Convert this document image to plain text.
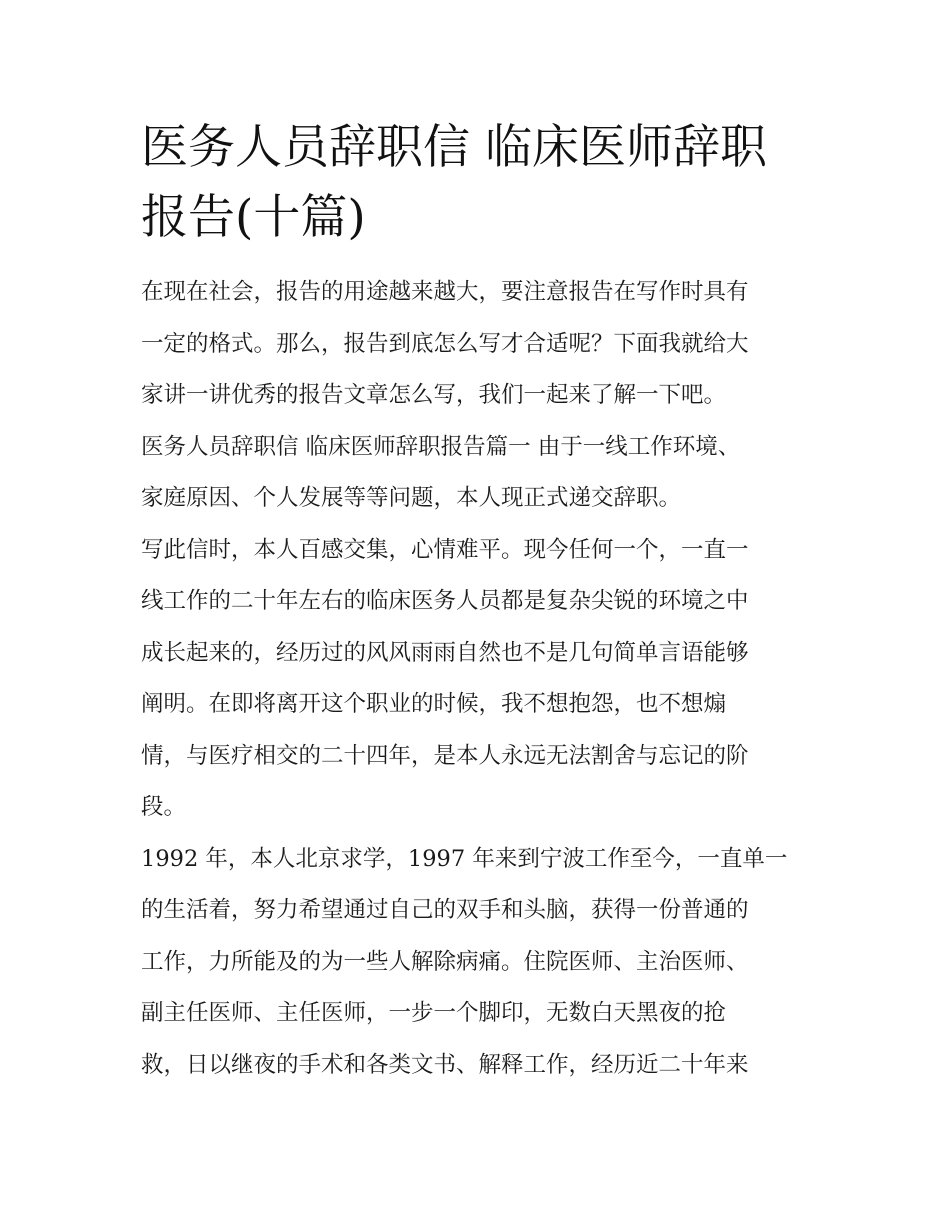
医务人员辞职信 临床医师辞职
报告(十篇)
在现在社会，报告的用途越来越大，要注意报告在写作时具有
一定的格式。那么，报告到底怎么写才合适呢？下面我就给大
家讲一讲优秀的报告文章怎么写，我们一起来了解一下吧。
医务人员辞职信 临床医师辞职报告篇一 由于一线工作环境、
家庭原因、个人发展等等问题，本人现正式递交辞职。
写此信时，本人百感交集，心情难平。现今任何一个，一直一
线工作的二十年左右的临床医务人员都是复杂尖锐的环境之中
成长起来的，经历过的风风雨雨自然也不是几句简单言语能够
阐明。在即将离开这个职业的时候，我不想抱怨，也不想煽
情，与医疗相交的二十四年，是本人永远无法割舍与忘记的阶
段。
1992 年，本人北京求学，1997 年来到宁波工作至今，一直单一
的生活着，努力希望通过自己的双手和头脑，获得一份普通的
工作，力所能及的为一些人解除病痛。住院医师、主治医师、
副主任医师、主任医师，一步一个脚印，无数白天黑夜的抢
救，日以继夜的手术和各类文书、解释工作，经历近二十年来
